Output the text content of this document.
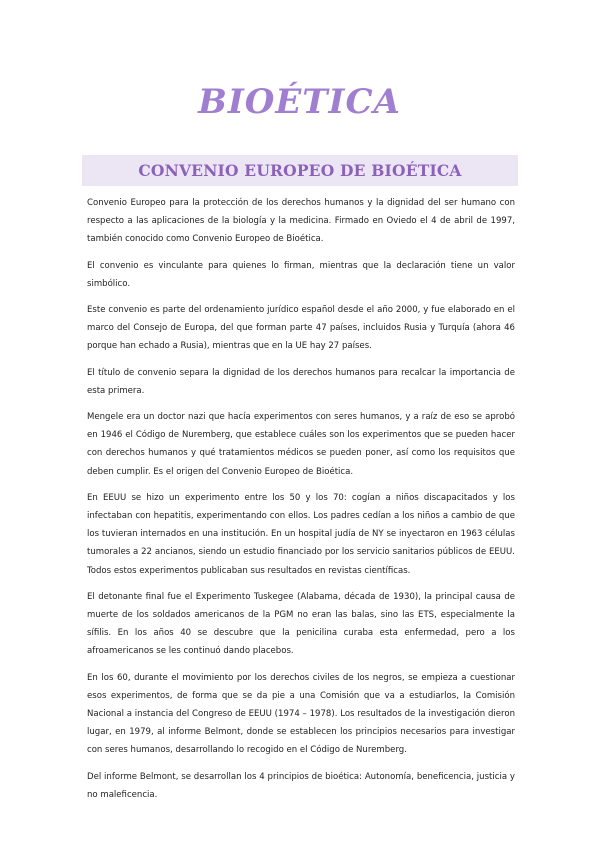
BIOÉTICA
CONVENIO EUROPEO DE BIOÉTICA

Convenio Europeo para la protección de los derechos humanos y la dignidad del ser humano con respecto a las aplicaciones de la biología y la medicina. Firmado en Oviedo el 4 de abril de 1997, también conocido como Convenio Europeo de Bioética.

El convenio es vinculante para quienes lo firman, mientras que la declaración tiene un valor simbólico.

Este convenio es parte del ordenamiento jurídico español desde el año 2000, y fue elaborado en el marco del Consejo de Europa, del que forman parte 47 países, incluidos Rusia y Turquía (ahora 46 porque han echado a Rusia), mientras que en la UE hay 27 países.

El título de convenio separa la dignidad de los derechos humanos para recalcar la importancia de esta primera.

Mengele era un doctor nazi que hacía experimentos con seres humanos, y a raíz de eso se aprobó en 1946 el Código de Nuremberg, que establece cuáles son los experimentos que se pueden hacer con derechos humanos y qué tratamientos médicos se pueden poner, así como los requisitos que deben cumplir. Es el origen del Convenio Europeo de Bioética.

En EEUU se hizo un experimento entre los 50 y los 70: cogían a niños discapacitados y los infectaban con hepatitis, experimentando con ellos. Los padres cedían a los niños a cambio de que los tuvieran internados en una institución. En un hospital judía de NY se inyectaron en 1963 células tumorales a 22 ancianos, siendo un estudio financiado por los servicio sanitarios públicos de EEUU. Todos estos experimentos publicaban sus resultados en revistas científicas.

El detonante final fue el Experimento Tuskegee (Alabama, década de 1930), la principal causa de muerte de los soldados americanos de la PGM no eran las balas, sino las ETS, especialmente la sífilis. En los años 40 se descubre que la penicilina curaba esta enfermedad, pero a los afroamericanos se les continuó dando placebos.

En los 60, durante el movimiento por los derechos civiles de los negros, se empieza a cuestionar esos experimentos, de forma que se da pie a una Comisión que va a estudiarlos, la Comisión Nacional a instancia del Congreso de EEUU (1974 – 1978). Los resultados de la investigación dieron lugar, en 1979, al informe Belmont, donde se establecen los principios necesarios para investigar con seres humanos, desarrollando lo recogido en el Código de Nuremberg.

Del informe Belmont, se desarrollan los 4 principios de bioética: Autonomía, beneficencia, justicia y no maleficencia.
